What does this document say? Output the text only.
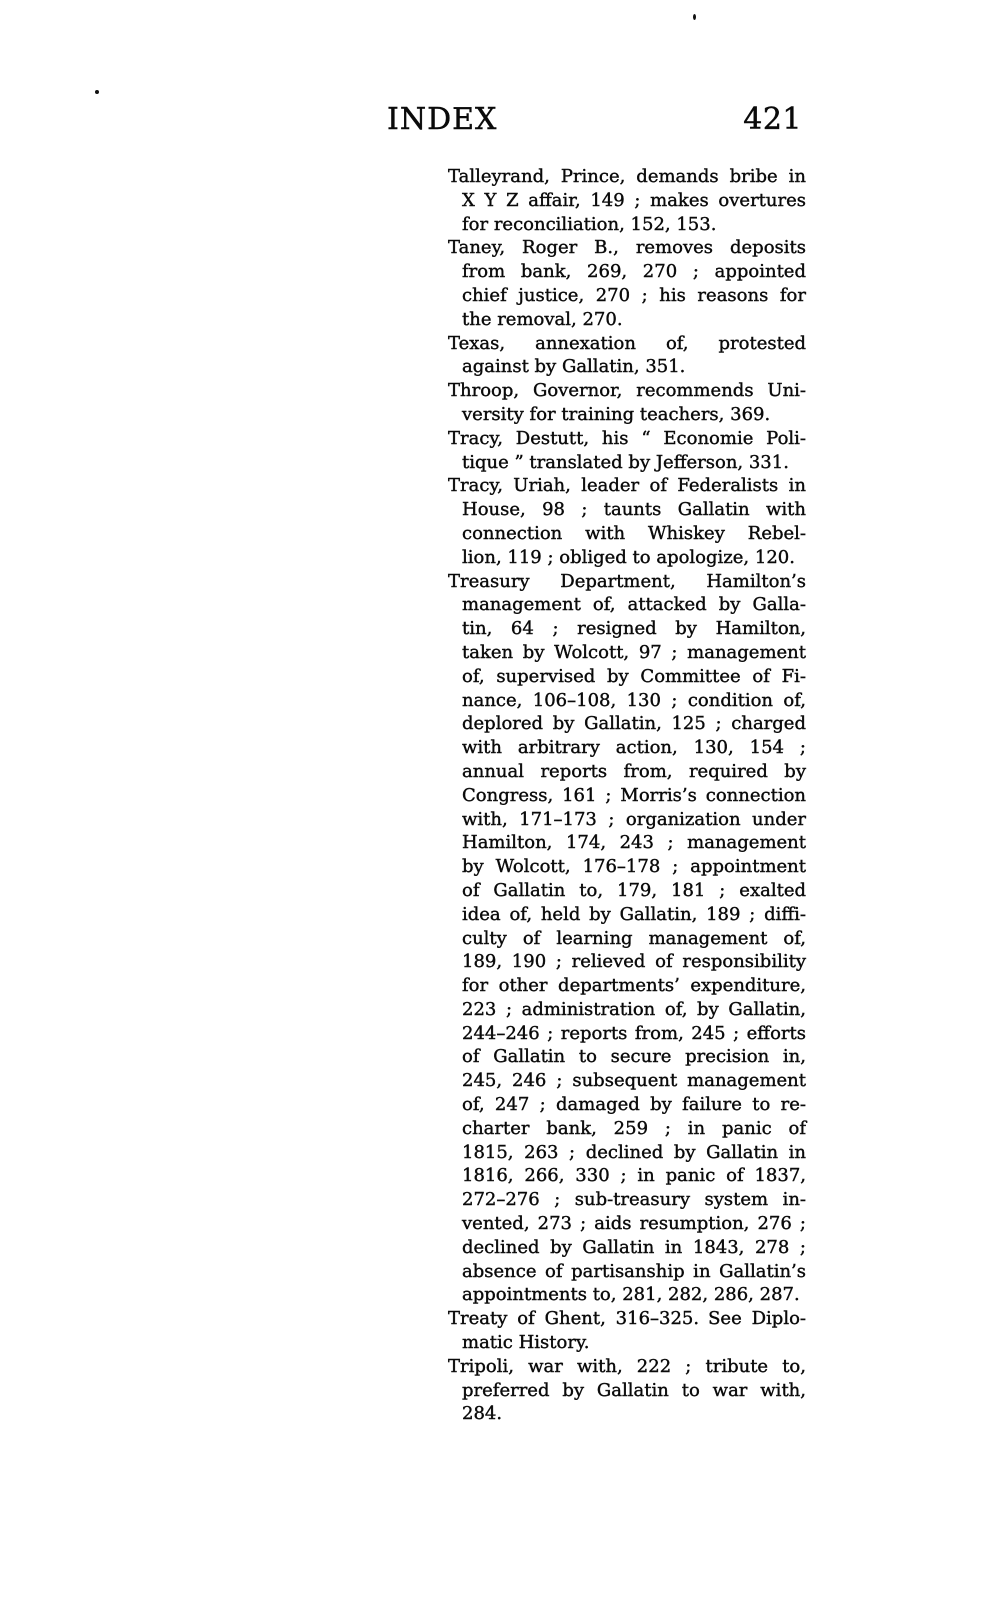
INDEX	421
Talleyrand, Prince, demands bribe in
X Y Z affair, 149 ; makes overtures
for reconciliation, 152, 153.
Taney, Roger B., removes deposits
from bank, 269, 270 ; appointed
chief justice, 270 ; his reasons for
the removal, 270.
Texas, annexation of, protested
against by Gallatin, 351.
Throop, Governor, recommends Uni-
versity for training teachers, 369.
Tracy, Destutt, his “ Economie Poli-
tique ” translated by Jefferson, 331.
Tracy, Uriah, leader of Federalists in
House, 98 ; taunts Gallatin with
connection with Whiskey Rebel-
lion, 119 ; obliged to apologize, 120.
Treasury Department, Hamilton’s
management of, attacked by Galla-
tin, 64 ; resigned by Hamilton,
taken by Wolcott, 97 ; management
of, supervised by Committee of Fi-
nance, 106–108, 130 ; condition of,
deplored by Gallatin, 125 ; charged
with arbitrary action, 130, 154 ;
annual reports from, required by
Congress, 161 ; Morris’s connection
with, 171–173 ; organization under
Hamilton, 174, 243 ; management
by Wolcott, 176–178 ; appointment
of Gallatin to, 179, 181 ; exalted
idea of, held by Gallatin, 189 ; diffi-
culty of learning management of,
189, 190 ; relieved of responsibility
for other departments’ expenditure,
223 ; administration of, by Gallatin,
244–246 ; reports from, 245 ; efforts
of Gallatin to secure precision in,
245, 246 ; subsequent management
of, 247 ; damaged by failure to re-
charter bank, 259 ; in panic of
1815, 263 ; declined by Gallatin in
1816, 266, 330 ; in panic of 1837,
272–276 ; sub-treasury system in-
vented, 273 ; aids resumption, 276 ;
declined by Gallatin in 1843, 278 ;
absence of partisanship in Gallatin’s
appointments to, 281, 282, 286, 287.
Treaty of Ghent, 316–325. See Diplo-
matic History.
Tripoli, war with, 222 ; tribute to,
preferred by Gallatin to war with,
284.
